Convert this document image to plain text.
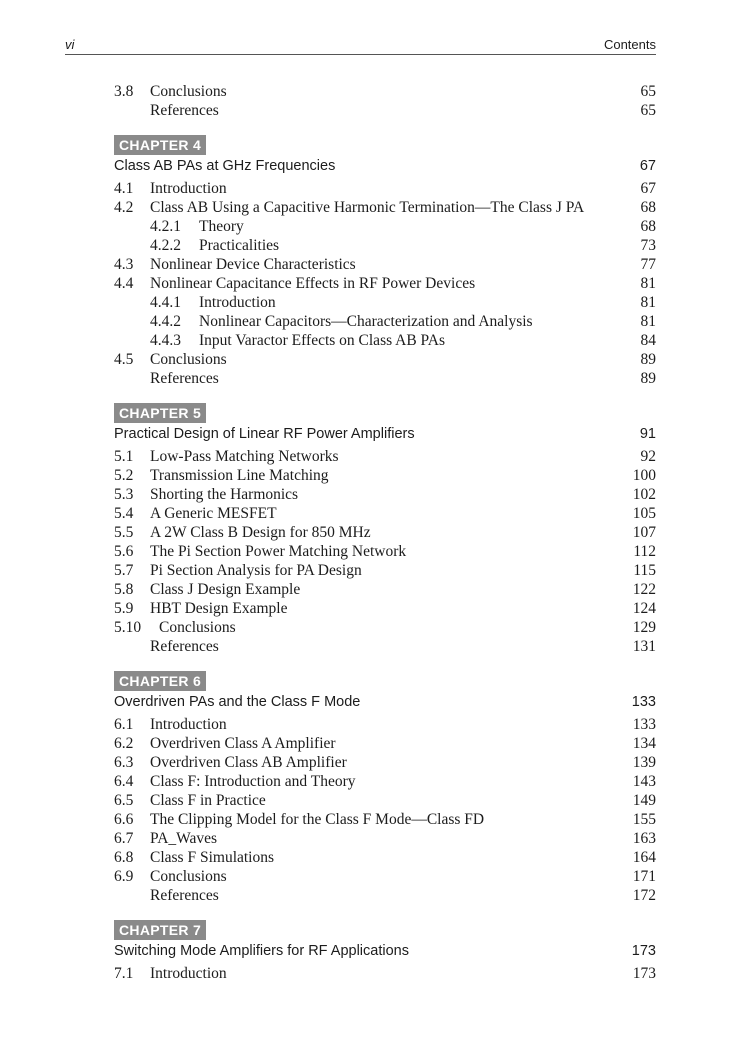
vi	Contents
3.8 Conclusions	65
References	65
CHAPTER 4
Class AB PAs at GHz Frequencies	67
4.1 Introduction	67
4.2 Class AB Using a Capacitive Harmonic Termination—The Class J PA	68
4.2.1 Theory	68
4.2.2 Practicalities	73
4.3 Nonlinear Device Characteristics	77
4.4 Nonlinear Capacitance Effects in RF Power Devices	81
4.4.1 Introduction	81
4.4.2 Nonlinear Capacitors—Characterization and Analysis	81
4.4.3 Input Varactor Effects on Class AB PAs	84
4.5 Conclusions	89
References	89
CHAPTER 5
Practical Design of Linear RF Power Amplifiers	91
5.1 Low-Pass Matching Networks	92
5.2 Transmission Line Matching	100
5.3 Shorting the Harmonics	102
5.4 A Generic MESFET	105
5.5 A 2W Class B Design for 850 MHz	107
5.6 The Pi Section Power Matching Network	112
5.7 Pi Section Analysis for PA Design	115
5.8 Class J Design Example	122
5.9 HBT Design Example	124
5.10 Conclusions	129
References	131
CHAPTER 6
Overdriven PAs and the Class F Mode	133
6.1 Introduction	133
6.2 Overdriven Class A Amplifier	134
6.3 Overdriven Class AB Amplifier	139
6.4 Class F: Introduction and Theory	143
6.5 Class F in Practice	149
6.6 The Clipping Model for the Class F Mode—Class FD	155
6.7 PA_Waves	163
6.8 Class F Simulations	164
6.9 Conclusions	171
References	172
CHAPTER 7
Switching Mode Amplifiers for RF Applications	173
7.1 Introduction	173
